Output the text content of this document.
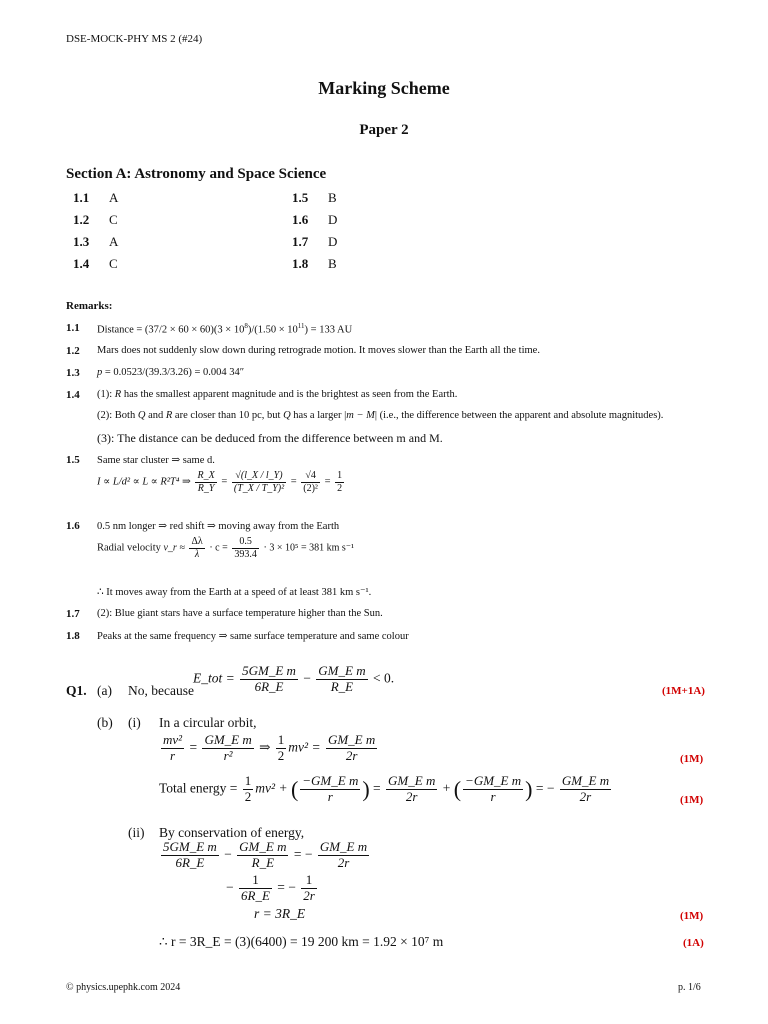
DSE-MOCK-PHY MS 2 (#24)
Marking Scheme
Paper 2
Section A: Astronomy and Space Science
1.1 A
1.2 C
1.3 A
1.4 C
1.5 B
1.6 D
1.7 D
1.8 B
Remarks:
1.1 Distance = $(37/2 \times 60 \times 60)(3 \times 10^8)/(1.50 \times 10^{11}) = 133$ AU
1.2 Mars does not suddenly slow down during retrograde motion. It moves slower than the Earth all the time.
1.3 p = 0.0523/(39.3/3.26) = 0.004 34″
1.4 (1): R has the smallest apparent magnitude and is the brightest as seen from the Earth.
(2): Both Q and R are closer than 10 pc, but Q has a larger |m − M| (i.e., the difference between the apparent and absolute magnitudes).
(3): The distance can be deduced from the difference between m and M.
1.5 Same star cluster ⇒ same d.
I ∝ L/d² ∝ L ∝ R²T⁴ ⇒ $\frac{R\_X}{R\_Y} = \frac{√(l\_X / l\_Y)}{\text{(T\_X / T\_Y)²}} = \frac{√4}{\text{(2)²}} = \frac{1}{2}$
1.6 0.5 nm longer ⇒ red shift ⇒ moving away from the Earth
Radial velocity v_r ≈ $\frac{\Delta\lambda}{\lambda} \cdot c = \frac{0.5}{393.4} \cdot 3 \times 10^5 = 381$ km s⁻¹
∴ It moves away from the Earth at a speed of at least 381 km s⁻¹.
1.7 (2): Blue giant stars have a surface temperature higher than the Sun.
1.8 Peaks at the same frequency ⇒ same surface temperature and same colour
Q1. (a) No, because
E_tot = $\frac{\text{5GM\_E m}}{6R\_E} - \frac{\text{GM\_E m}}{R\_E} < 0$.
(1M+1A)
(b) (i) In a circular orbit,
$\frac{\text{mv²}}{r} = \frac{\text{GM\_E m}}{\text{r²}}$ ⇒ $\frac{1}{2} mv^2 = \frac{\text{GM\_E m}}{2r}$	(1M)
Total energy = $\frac{1}{2} mv^2$ + ( $\frac{\text{−GM\_E m}}{r}$ ) = $\frac{\text{GM\_E m}}{2r}$ + ( $\frac{\text{−GM\_E m}}{r}$ ) = − $\frac{\text{GM\_E m}}{2r}$	(1M)
(ii) By conservation of energy,
$\frac{\text{5GM\_E m}}{6R\_E} - \frac{\text{GM\_E m}}{R\_E}$ = − $\frac{\text{GM\_E m}}{2r}$
− $\frac{1}{6R\_E}$ = − $\frac{1}{2r}$
r = 3R_E	(1M)
∴ r = 3R_E = (3)(6400) = 19 200 km = 1.92 × 10⁷ m	(1A)
© physics.upephk.com 2024	p. 1/6
